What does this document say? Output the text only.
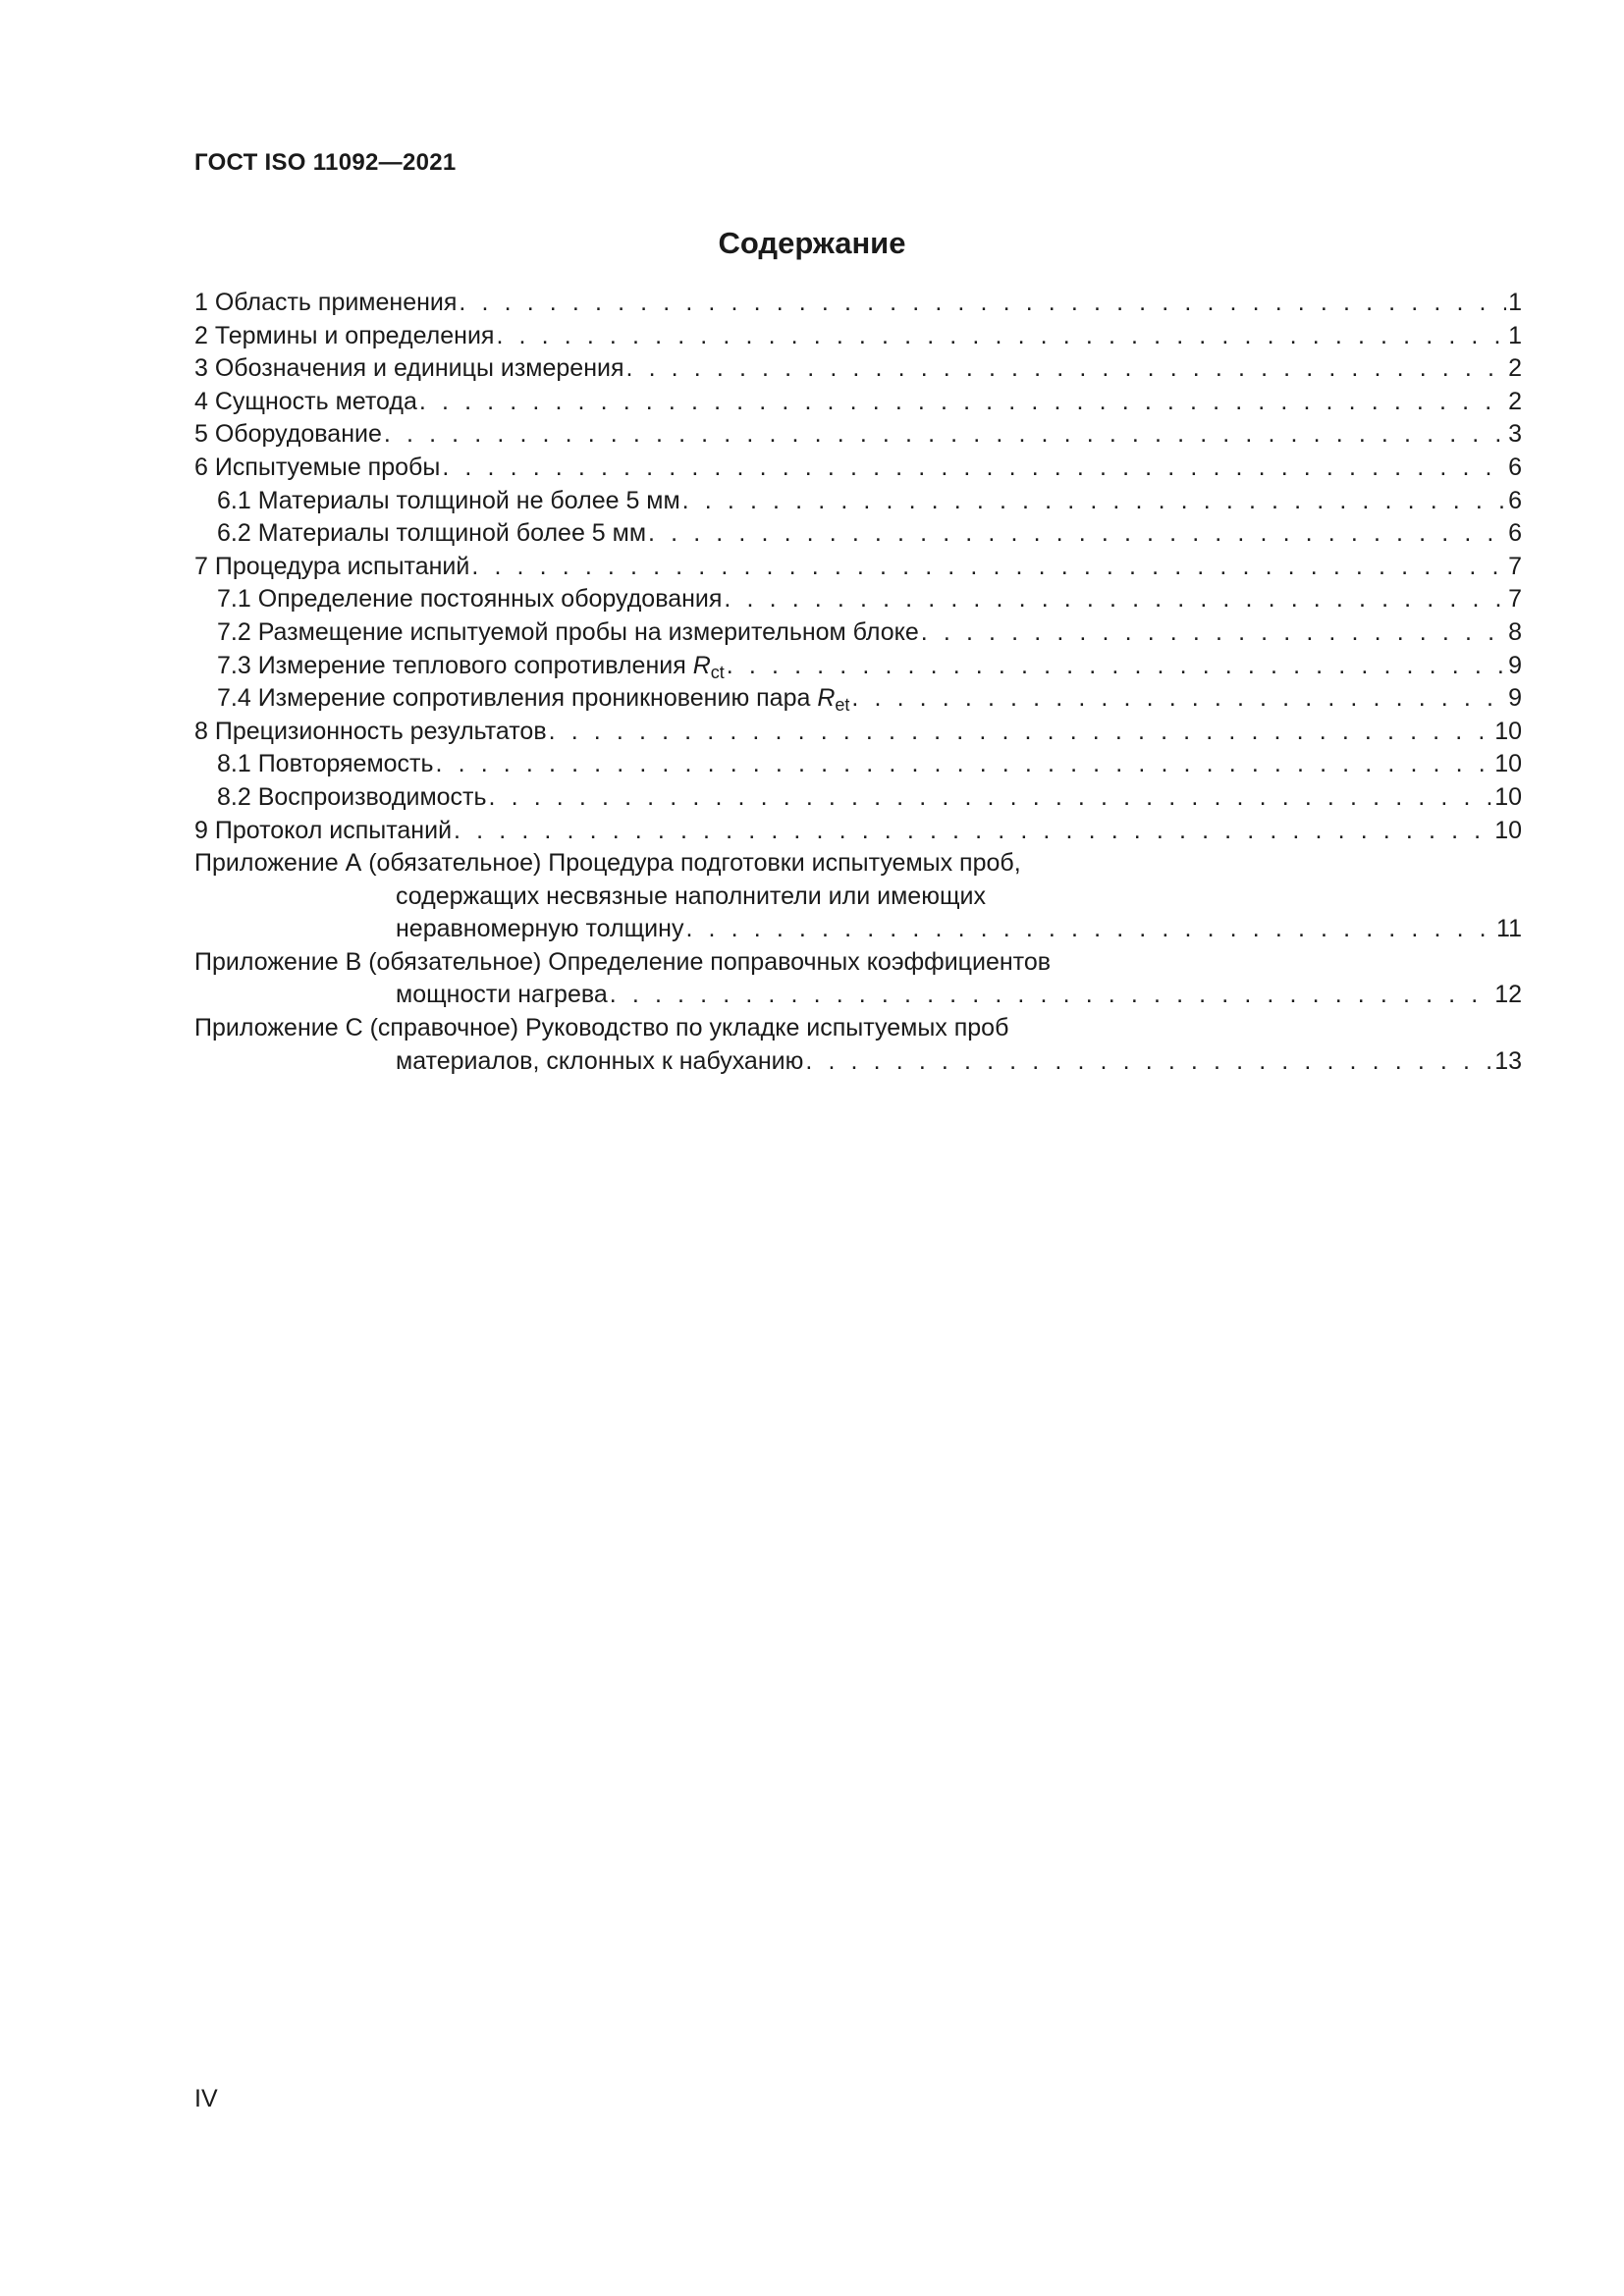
ГОСТ ISO 11092—2021
Содержание
1 Область применения . . .	1
2 Термины и определения . . .	1
3 Обозначения и единицы измерения . . .	2
4 Сущность метода . . .	2
5 Оборудование . . .	3
6 Испытуемые пробы . . .	6
6.1 Материалы толщиной не более 5 мм . . .	6
6.2 Материалы толщиной более 5 мм . . .	6
7 Процедура испытаний . . .	7
7.1 Определение постоянных оборудования . . .	7
7.2 Размещение испытуемой пробы на измерительном блоке . . .	8
7.3 Измерение теплового сопротивления $R_{ct}$ . . .	9
7.4 Измерение сопротивления проникновению пара $R_{et}$ . . .	9
8 Прецизионность результатов . . .	10
8.1 Повторяемость . . .	10
8.2 Воспроизводимость . . .	10
9 Протокол испытаний . . .	10
Приложение А (обязательное) Процедура подготовки испытуемых проб,
содержащих несвязные наполнители или имеющих
неравномерную толщину . . .	11
Приложение В (обязательное) Определение поправочных коэффициентов
мощности нагрева . . .	12
Приложение С (справочное) Руководство по укладке испытуемых проб
материалов, склонных к набуханию . . .	13
IV
